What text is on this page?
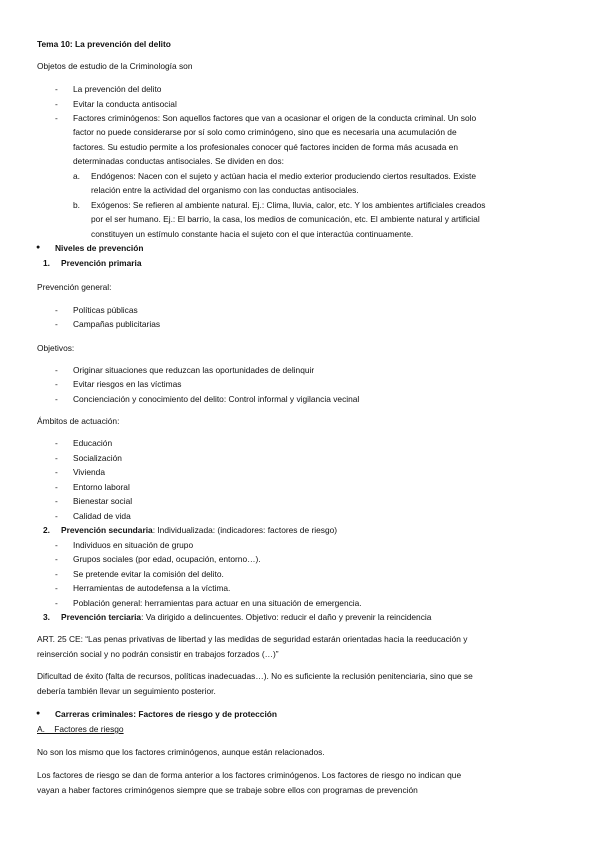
Tema 10: La prevención del delito
Objetos de estudio de la Criminología son
- La prevención del delito
- Evitar la conducta antisocial
- Factores criminógenos: Son aquellos factores que van a ocasionar el origen de la conducta criminal. Un solo
factor no puede considerarse por sí solo como criminógeno, sino que es necesaria una acumulación de
factores. Su estudio permite a los profesionales conocer qué factores inciden de forma más acusada en
determinadas conductas antisociales. Se dividen en dos:
a. Endógenos: Nacen con el sujeto y actúan hacia el medio exterior produciendo ciertos resultados. Existe
relación entre la actividad del organismo con las conductas antisociales.
b. Exógenos: Se refieren al ambiente natural. Ej.: Clima, lluvia, calor, etc. Y los ambientes artificiales creados
por el ser humano. Ej.: El barrio, la casa, los medios de comunicación, etc. El ambiente natural y artificial
constituyen un estímulo constante hacia el sujeto con el que interactúa continuamente.
● Niveles de prevención
1. Prevención primaria
Prevención general:
- Políticas públicas
- Campañas publicitarias
Objetivos:
- Originar situaciones que reduzcan las oportunidades de delinquir
- Evitar riesgos en las víctimas
- Concienciación y conocimiento del delito: Control informal y vigilancia vecinal
Ámbitos de actuación:
- Educación
- Socialización
- Vivienda
- Entorno laboral
- Bienestar social
- Calidad de vida
2. Prevención secundaria: Individualizada: (indicadores: factores de riesgo)
- Individuos en situación de grupo
- Grupos sociales (por edad, ocupación, entorno…).
- Se pretende evitar la comisión del delito.
- Herramientas de autodefensa a la víctima.
- Población general: herramientas para actuar en una situación de emergencia.
3. Prevención terciaria: Va dirigido a delincuentes. Objetivo: reducir el daño y prevenir la reincidencia
ART. 25 CE: “Las penas privativas de libertad y las medidas de seguridad estarán orientadas hacia la reeducación y
reinserción social y no podrán consistir en trabajos forzados (…)”
Dificultad de éxito (falta de recursos, políticas inadecuadas…). No es suficiente la reclusión penitenciaria, sino que se
debería también llevar un seguimiento posterior.
● Carreras criminales: Factores de riesgo y de protección
A.    Factores de riesgo
No son los mismo que los factores criminógenos, aunque están relacionados.
Los factores de riesgo se dan de forma anterior a los factores criminógenos. Los factores de riesgo no indican que
vayan a haber factores criminógenos siempre que se trabaje sobre ellos con programas de prevención
